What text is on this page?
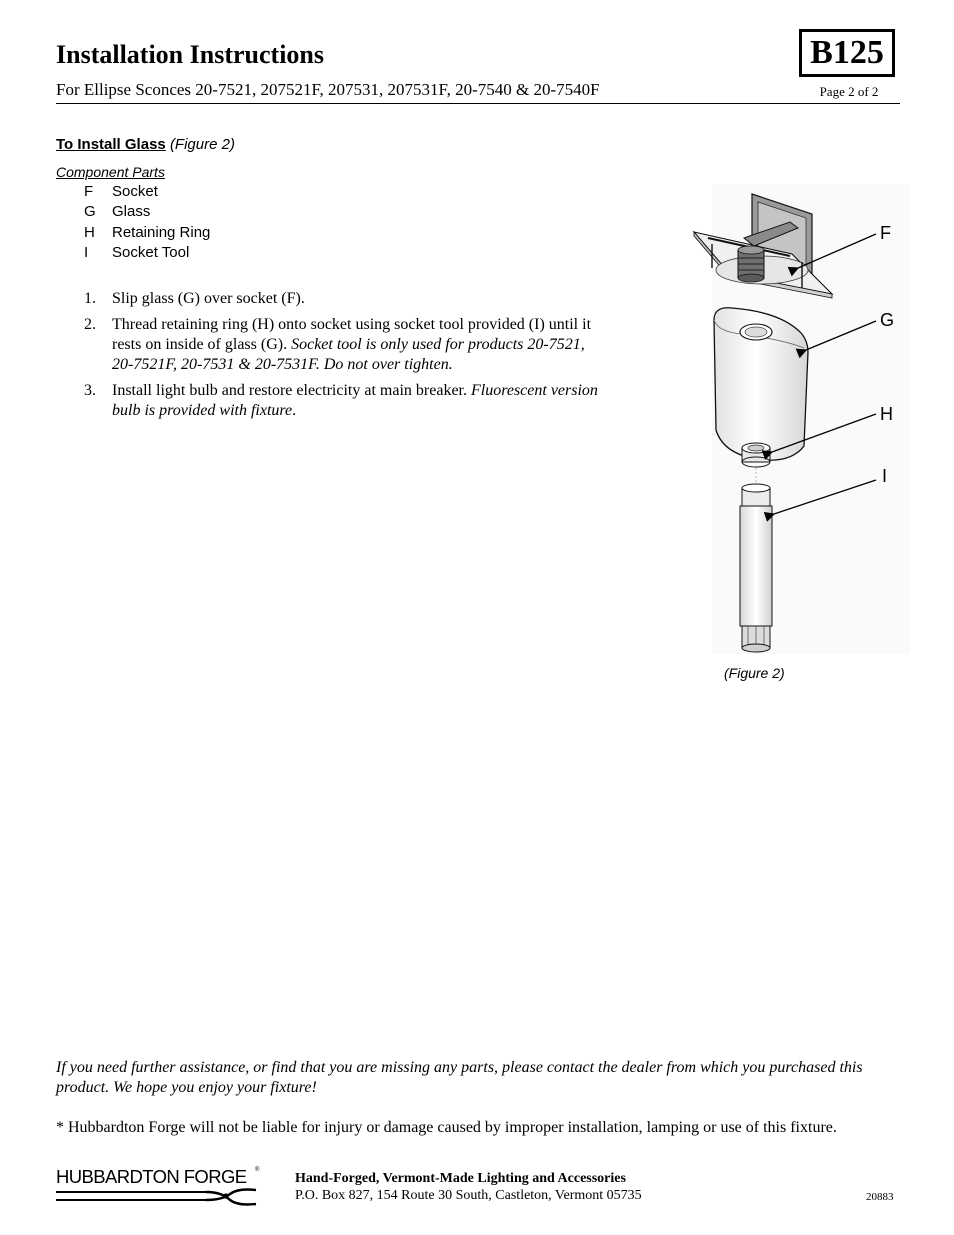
Installation Instructions
For Ellipse Sconces 20-7521, 207521F, 207531, 207531F, 20-7540 & 20-7540F
B125
Page 2 of 2
To Install Glass (Figure 2)
Component Parts
F	Socket
G	Glass
H	Retaining Ring
I	Socket Tool
1.	Slip glass (G) over socket (F).
2.	Thread retaining ring (H) onto socket using socket tool provided (I) until it rests on inside of glass (G). Socket tool is only used for products 20-7521, 20-7521F, 20-7531 & 20-7531F. Do not over tighten.
3.	Install light bulb and restore electricity at main breaker. Fluorescent version bulb is provided with fixture.
F
G
H
I
(Figure 2)
If you need further assistance, or find that you are missing any parts, please contact the dealer from which you purchased this product. We hope you enjoy your fixture!
* Hubbardton Forge will not be liable for injury or damage caused by improper installation, lamping or use of this fixture.
HUBBARDTON FORGE ®
Hand-Forged, Vermont-Made Lighting and Accessories
P.O. Box 827, 154 Route 30 South, Castleton, Vermont 05735	20883
